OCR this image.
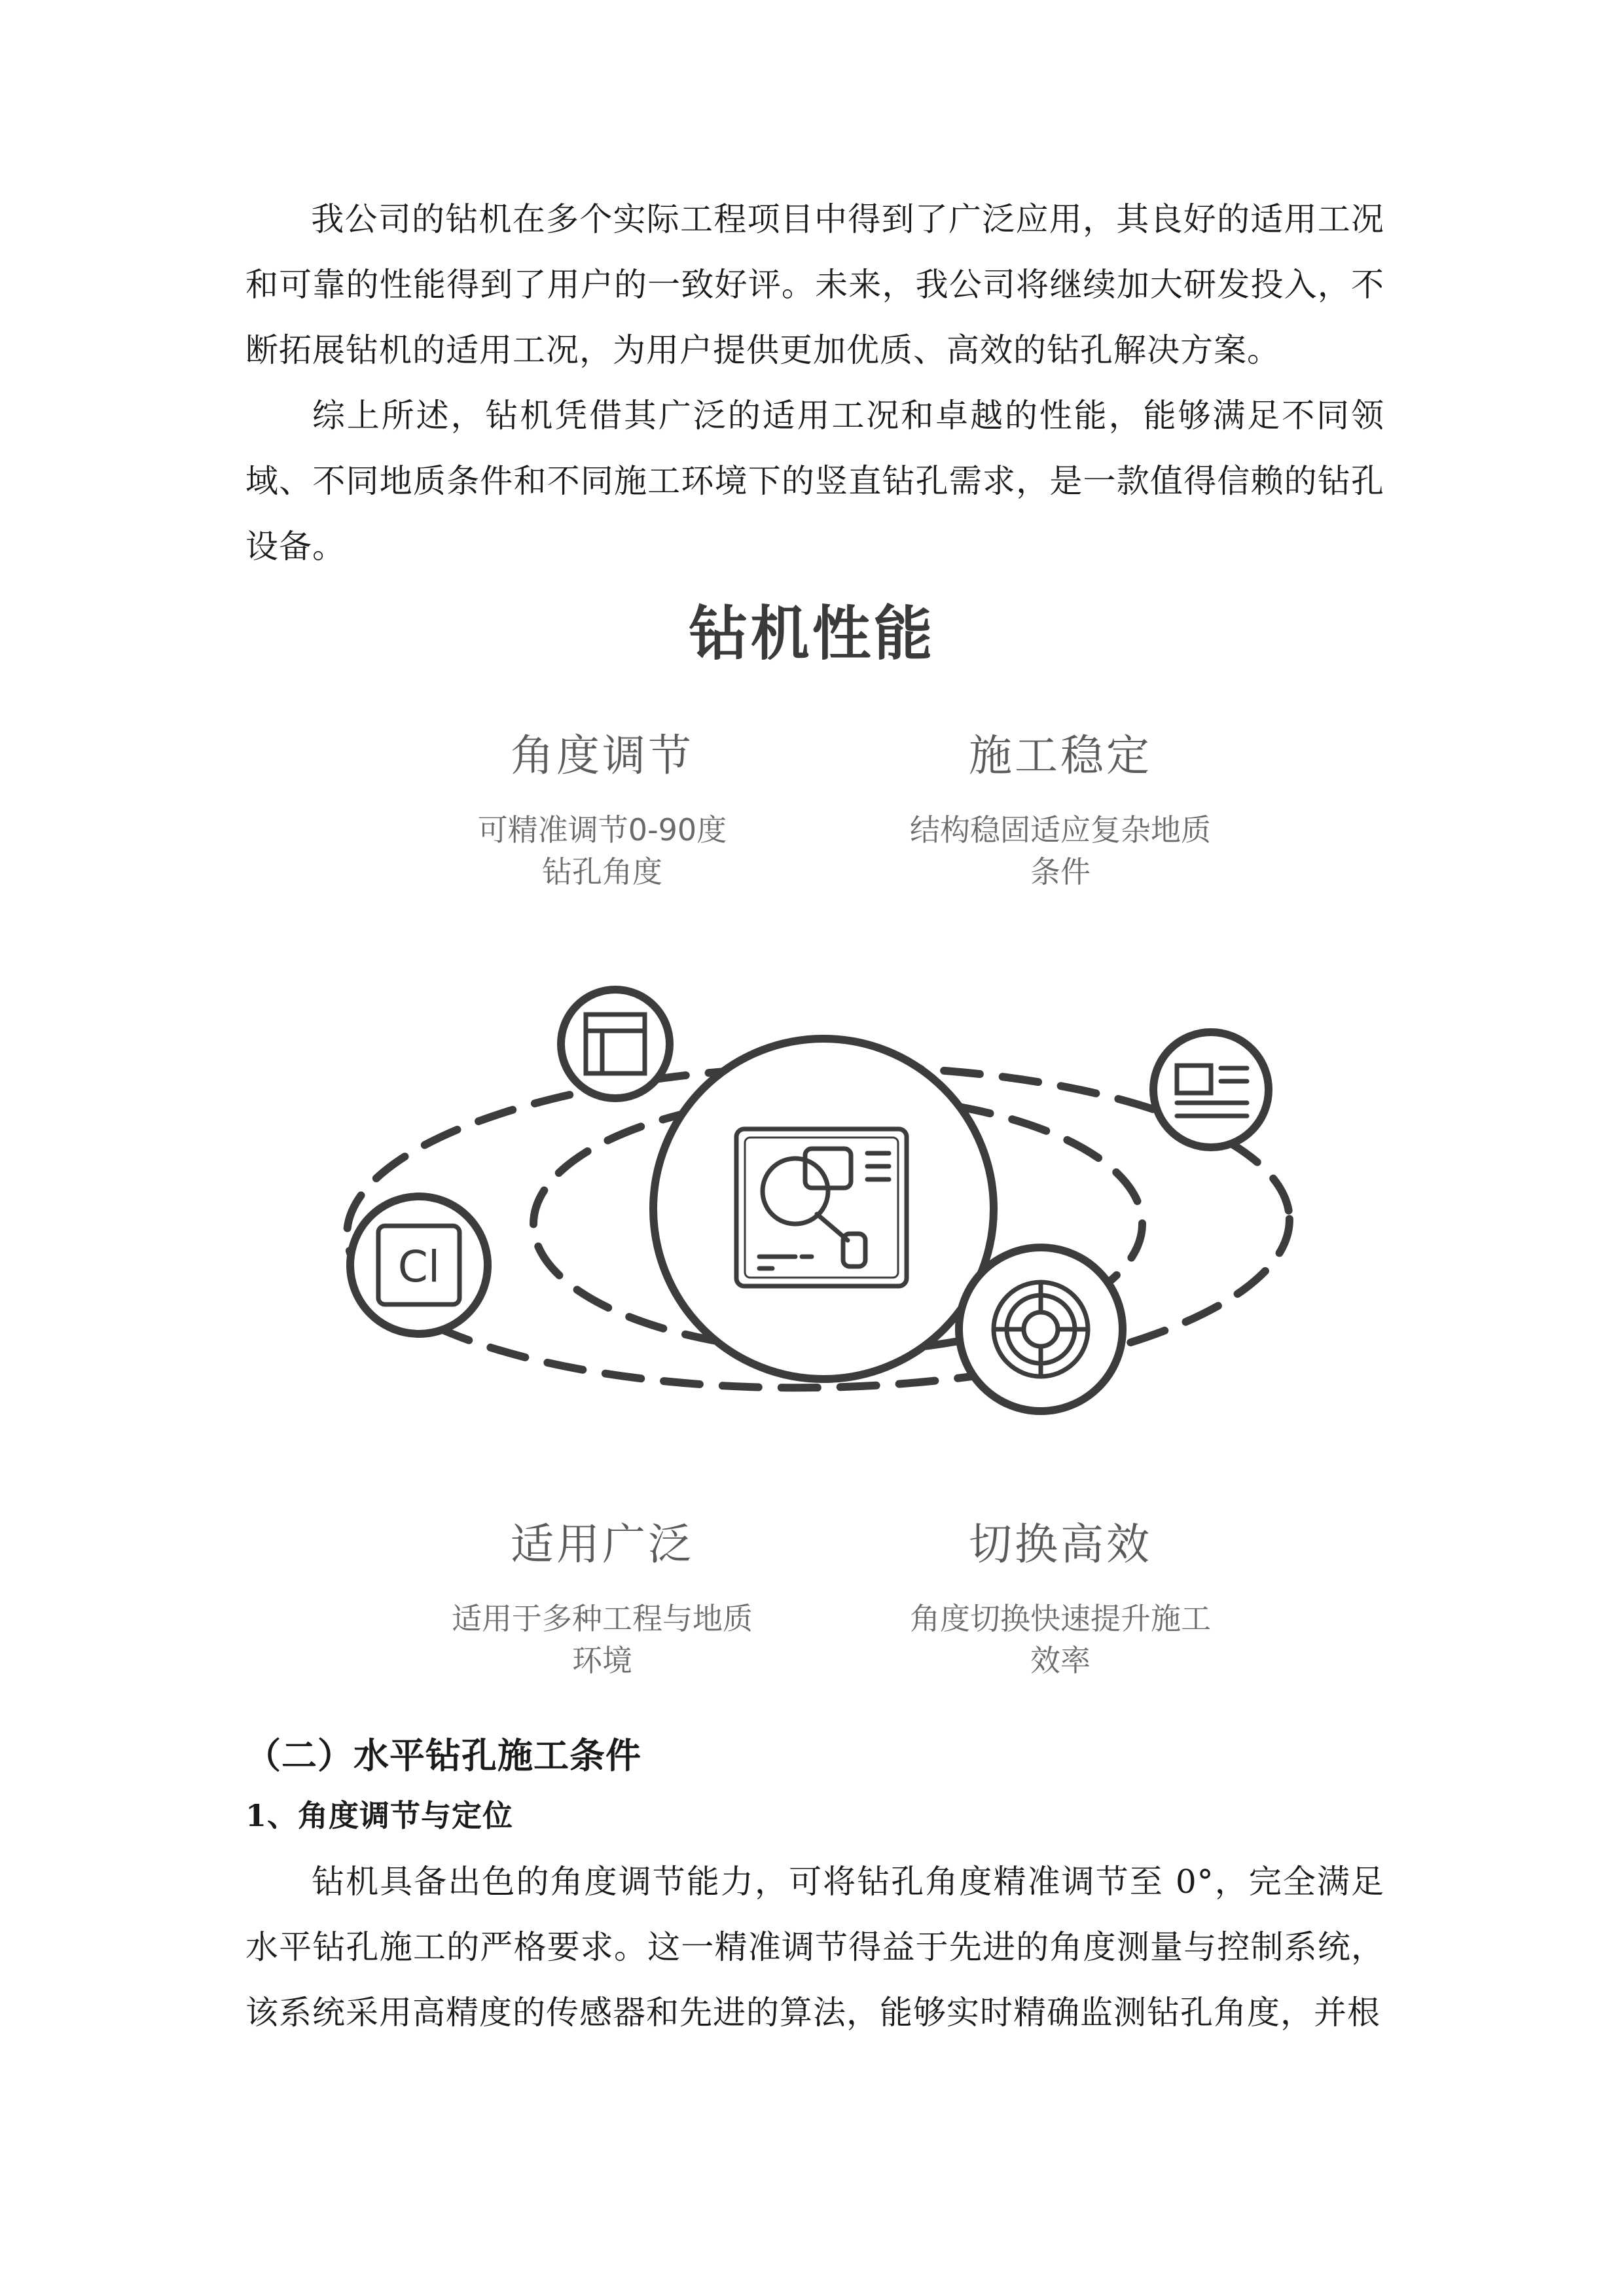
我公司的钻机在多个实际工程项目中得到了广泛应用，其良好的适用工况和可靠的性能得到了用户的一致好评。未来，我公司将继续加大研发投入，不断拓展钻机的适用工况，为用户提供更加优质、高效的钻孔解决方案。

综上所述，钻机凭借其广泛的适用工况和卓越的性能，能够满足不同领域、不同地质条件和不同施工环境下的竖直钻孔需求，是一款值得信赖的钻孔设备。

钻机性能
角度调节
可精准调节0-90度
钻孔角度
施工稳定
结构稳固适应复杂地质
条件
Cl
适用广泛
适用于多种工程与地质
环境
切换高效
角度切换快速提升施工
效率
（二）水平钻孔施工条件
1、角度调节与定位

钻机具备出色的角度调节能力，可将钻孔角度精准调节至 0°，完全满足水平钻孔施工的严格要求。这一精准调节得益于先进的角度测量与控制系统，该系统采用高精度的传感器和先进的算法，能够实时精确监测钻孔角度，并根
